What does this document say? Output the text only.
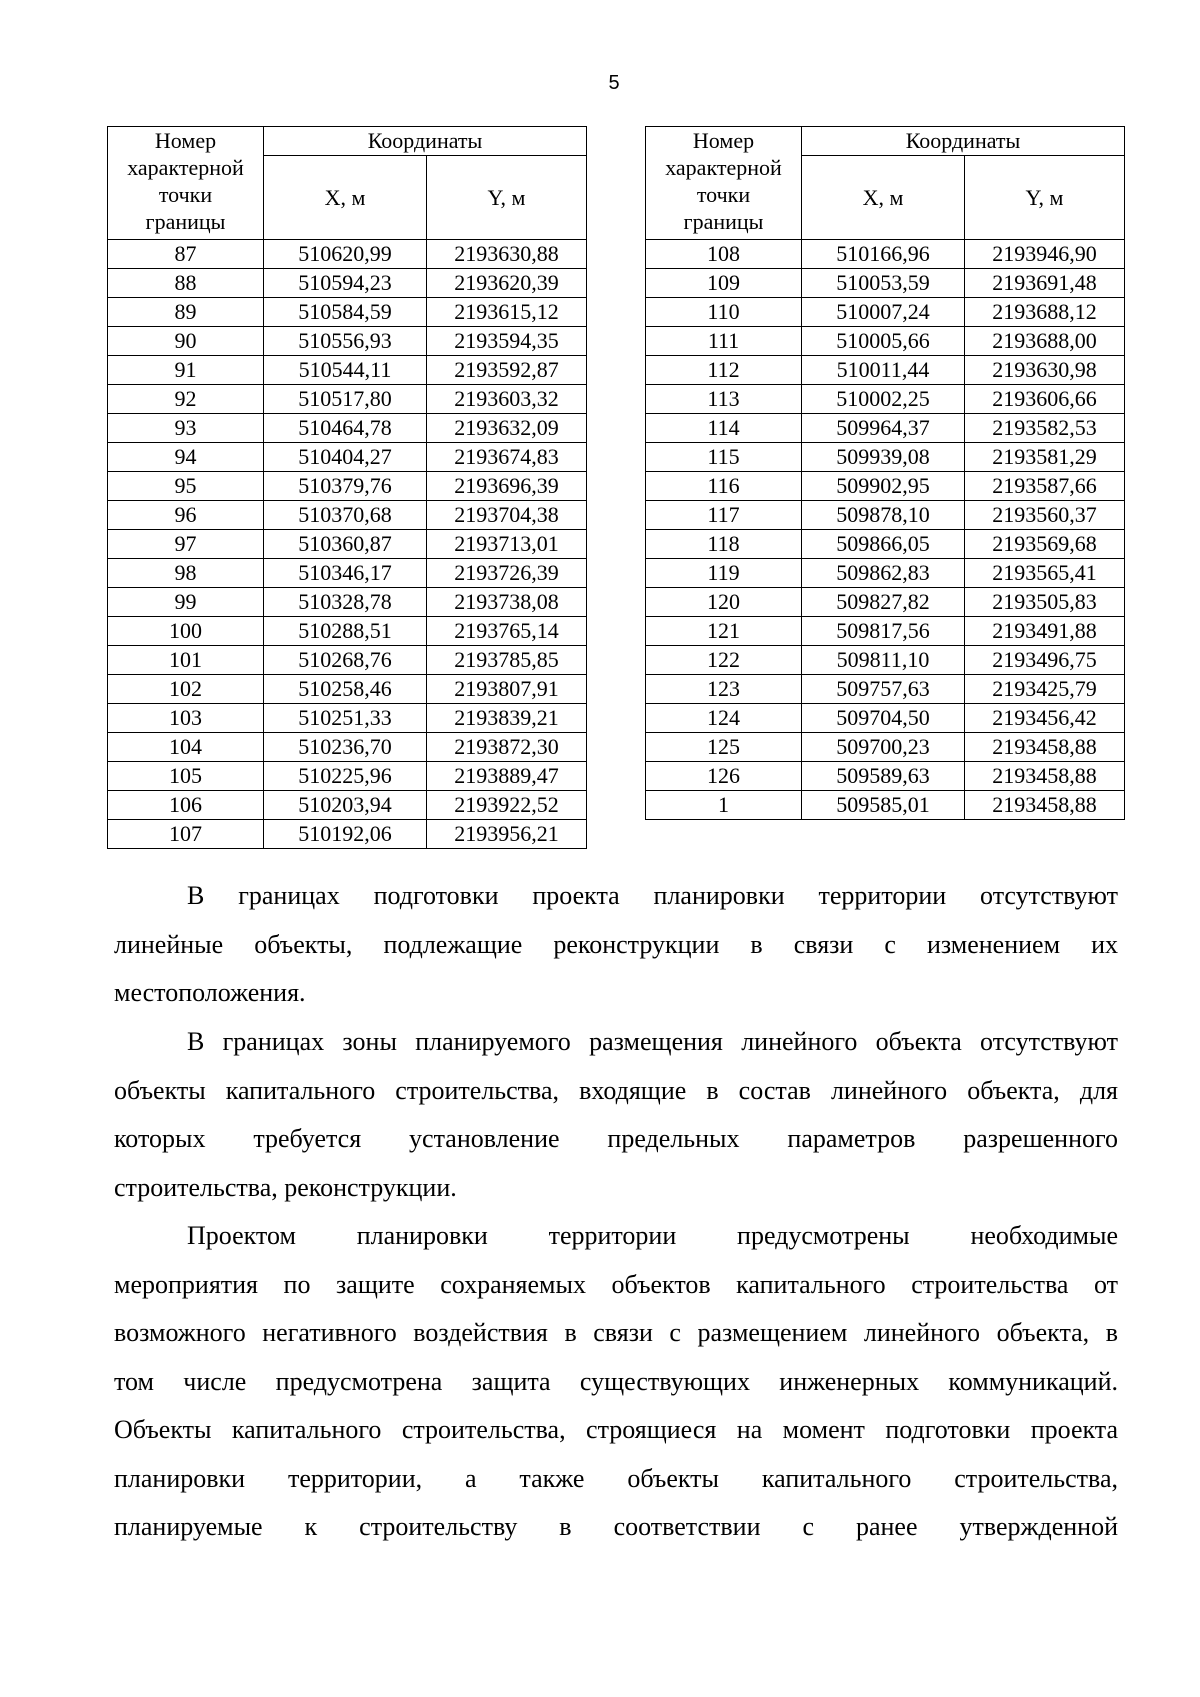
5
Номер
характерной
точки
границы	Координаты	
	X, м	Y, м
87	510620,99	2193630,88
88	510594,23	2193620,39
89	510584,59	2193615,12
90	510556,93	2193594,35
91	510544,11	2193592,87
92	510517,80	2193603,32
93	510464,78	2193632,09
94	510404,27	2193674,83
95	510379,76	2193696,39
96	510370,68	2193704,38
97	510360,87	2193713,01
98	510346,17	2193726,39
99	510328,78	2193738,08
100	510288,51	2193765,14
101	510268,76	2193785,85
102	510258,46	2193807,91
103	510251,33	2193839,21
104	510236,70	2193872,30
105	510225,96	2193889,47
106	510203,94	2193922,52
107	510192,06	2193956,21
Номер
характерной
точки
границы	Координаты	
	X, м	Y, м
108	510166,96	2193946,90
109	510053,59	2193691,48
110	510007,24	2193688,12
111	510005,66	2193688,00
112	510011,44	2193630,98
113	510002,25	2193606,66
114	509964,37	2193582,53
115	509939,08	2193581,29
116	509902,95	2193587,66
117	509878,10	2193560,37
118	509866,05	2193569,68
119	509862,83	2193565,41
120	509827,82	2193505,83
121	509817,56	2193491,88
122	509811,10	2193496,75
123	509757,63	2193425,79
124	509704,50	2193456,42
125	509700,23	2193458,88
126	509589,63	2193458,88
1	509585,01	2193458,88
В границах подготовки проекта планировки территории отсутствуют
линейные объекты, подлежащие реконструкции в связи с изменением их
местоположения.
В границах зоны планируемого размещения линейного объекта отсутствуют
объекты капитального строительства, входящие в состав линейного объекта, для
которых требуется установление предельных параметров разрешенного
строительства, реконструкции.
Проектом планировки территории предусмотрены необходимые
мероприятия по защите сохраняемых объектов капитального строительства от
возможного негативного воздействия в связи с размещением линейного объекта, в
том числе предусмотрена защита существующих инженерных коммуникаций.
Объекты капитального строительства, строящиеся на момент подготовки проекта
планировки территории, а также объекты капитального строительства,
планируемые к строительству в соответствии с ранее утвержденной
